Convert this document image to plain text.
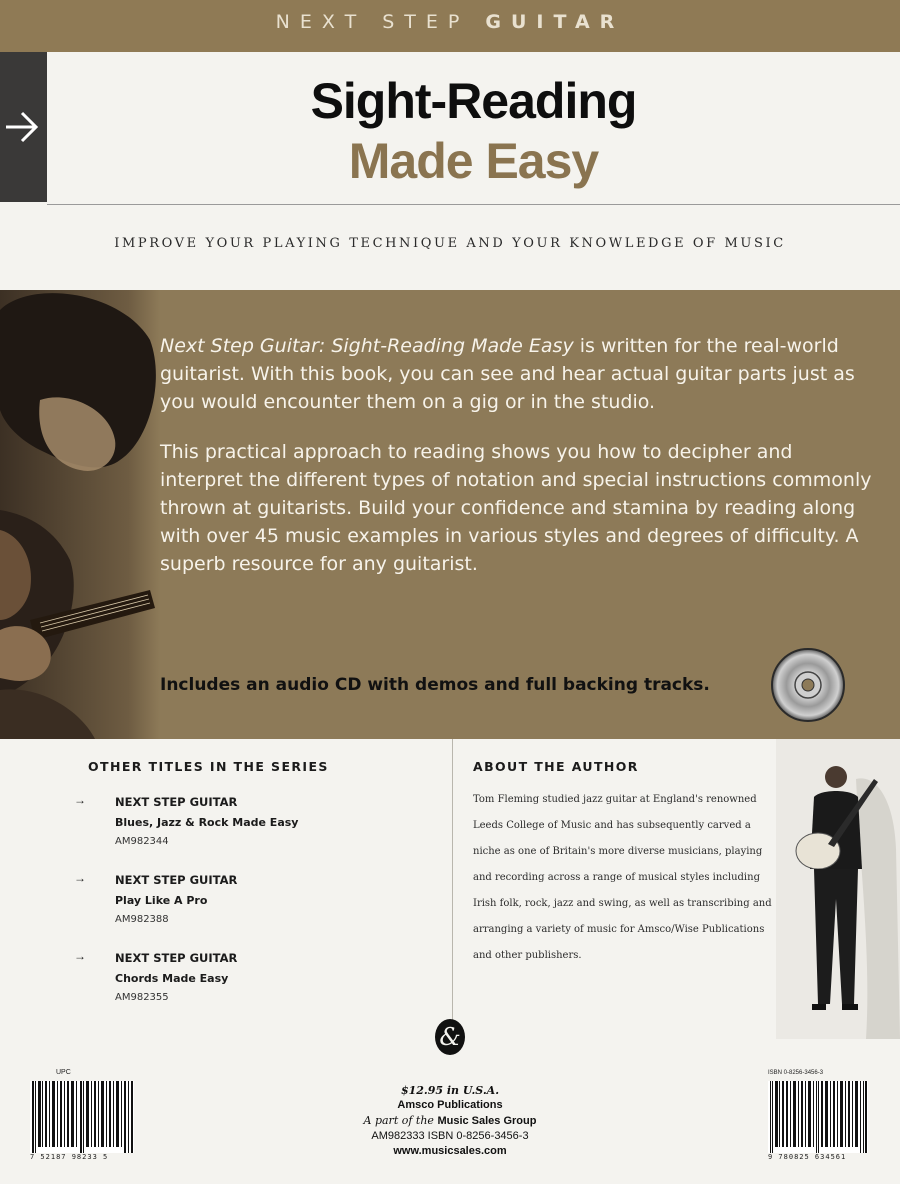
NEXT STEP GUITAR
Sight-Reading
Made Easy
IMPROVE YOUR PLAYING TECHNIQUE AND YOUR KNOWLEDGE OF MUSIC

Next Step Guitar: Sight-Reading Made Easy is written for the real-world guitarist. With this book, you can see and hear actual guitar parts just as you would encounter them on a gig or in the studio.

This practical approach to reading shows you how to decipher and interpret the different types of notation and special instructions commonly thrown at guitarists. Build your confidence and stamina by reading along with over 45 music examples in various styles and degrees of difficulty. A superb resource for any guitarist.

Includes an audio CD with demos and full backing tracks.
OTHER TITLES IN THE SERIES
→	NEXT STEP GUITAR
Blues, Jazz & Rock Made Easy
AM982344
→	NEXT STEP GUITAR
Play Like A Pro
AM982388
→	NEXT STEP GUITAR
Chords Made Easy
AM982355
ABOUT THE AUTHOR
Tom Fleming studied jazz guitar at England's renowned Leeds College of Music and has subsequently carved a niche as one of Britain's more diverse musicians, playing and recording across a range of musical styles including Irish folk, rock, jazz and swing, as well as transcribing and arranging a variety of music for Amsco/Wise Publications and other publishers.
&
UPC
7 52187 98233 5
$12.95 in U.S.A.
Amsco Publications
A part of the Music Sales Group
AM982333 ISBN 0-8256-3456-3
www.musicsales.com
ISBN 0-8256-3456-3
9 780825 634561
